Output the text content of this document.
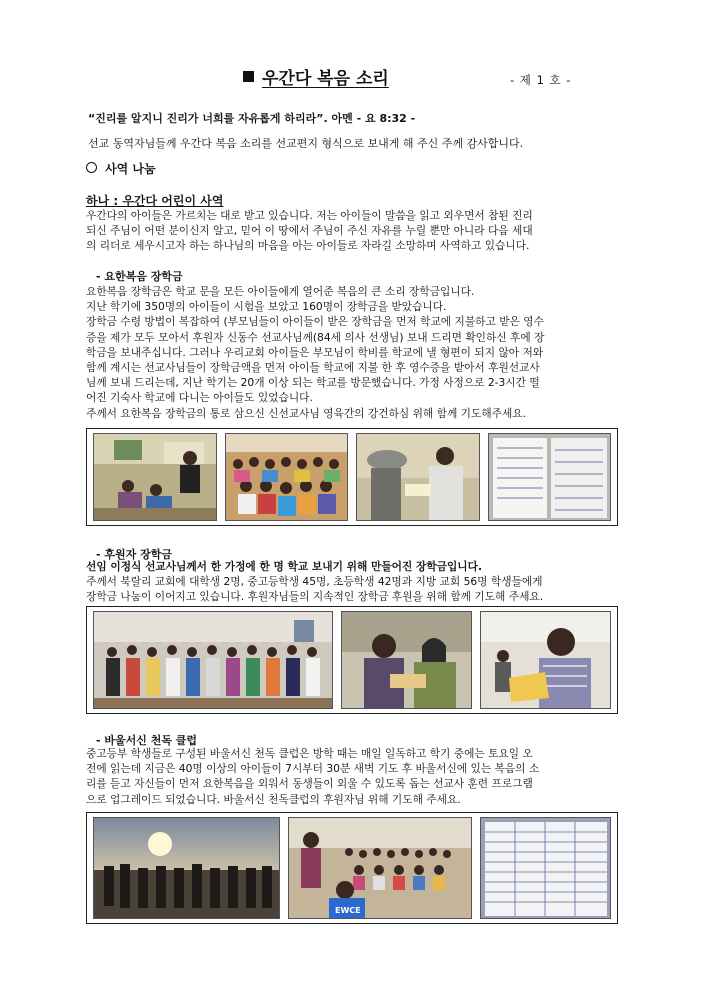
우간다 복음 소리	- 제 1 호 -
“진리를 알지니 진리가 너희를 자유롭게 하리라”. 아멘 - 요 8:32 -
선교 동역자님들께 우간다 복음 소리를 선교편지 형식으로 보내게 해 주신 주께 감사합니다.
사역 나눔
하나 : 우간다 어린이 사역
우간다의 아이들은 가르치는 대로 받고 있습니다. 저는 아이들이 말씀을 읽고 외우면서 참된 진리
되신 주님이 어떤 분이신지 알고, 믿어 이 땅에서 주님이 주신 자유를 누릴 뿐만 아니라 다음 세대
의 리더로 세우시고자 하는 하나님의 마음을 아는 아이들로 자라길 소망하며 사역하고 있습니다.
- 요한복음 장학금
요한복음 장학금은 학교 문을 모든 아이들에게 열어준 복음의 큰 소리 장학금입니다.
지난 학기에 350명의 아이들이 시험을 보았고 160명이 장학금을 받았습니다.
장학금 수령 방법이 복잡하여 (부모님들이 아이들이 받은 장학금을 먼저 학교에 지불하고 받은 영수
증을 제가 모두 모아서 후원자 신동수 선교사님께(84세 의사 선생님) 보내 드리면 확인하신 후에 장
학금을 보내주십니다. 그러나 우리교회 아이들은 부모님이 학비를 학교에 낼 형편이 되지 않아 저와
함께 계시는 선교사님들이 장학금액을 먼저 아이들 학교에 지불 한 후 영수증을 받아서 후원선교사
님께 보내 드리는데, 지난 학기는 20개 이상 되는 학교를 방문했습니다. 가정 사정으로 2-3시간 떨
어진 기숙사 학교에 다니는 아이들도 있었습니다.
주께서 요한복음 장학금의 통로 삼으신 신선교사님 영육간의 강건하심 위해 함께 기도해주세요.
- 후원자 장학금
선임 이정식 선교사님께서 한 가정에 한 명 학교 보내기 위해 만들어진 장학금입니다.
주께서 북랄리 교회에 대학생 2명, 중고등학생 45명, 초등학생 42명과 지방 교회 56명 학생들에게
장학금 나눔이 이어지고 있습니다. 후원자님들의 지속적인 장학금 후원을 위해 함께 기도해 주세요.
- 바울서신 천독 클럽
중고등부 학생들로 구성된 바울서신 천독 클럽은 방학 때는 매일 일독하고 학기 중에는 토요일 오
전에 읽는데 지금은 40명 이상의 아이들이 7시부터 30분 새벽 기도 후 바울서신에 있는 복음의 소
리를 듣고 자신들이 먼저 요한복음을 외워서 동생들이 외울 수 있도록 돕는 선교사 훈련 프로그램
으로 업그레이드 되었습니다. 바울서신 천독클럽의 후원자님 위해 기도해 주세요.
EWCE
